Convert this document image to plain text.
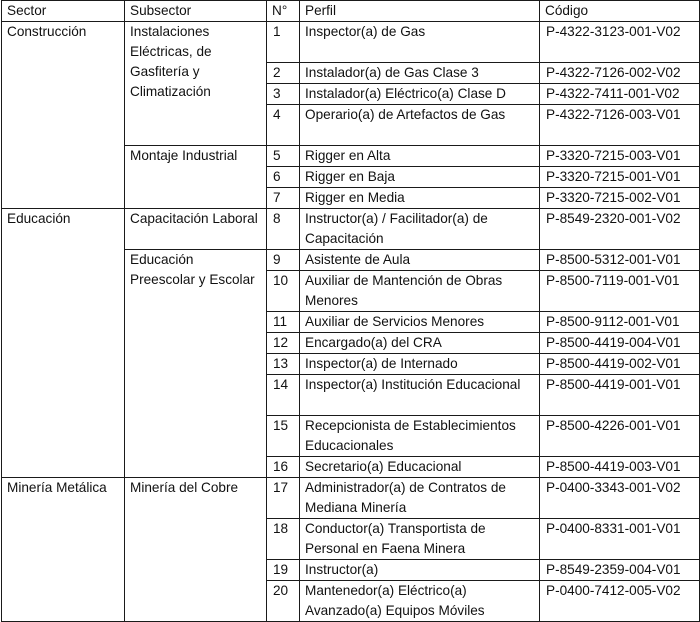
Sector	Subsector	N°	Perfil	Código
Construcción	Instalaciones Eléctricas, de Gasfitería y Climatización	1	Inspector(a) de Gas	P-4322-3123-001-V02
		2	Instalador(a) de Gas Clase 3	P-4322-7126-002-V02
		3	Instalador(a) Eléctrico(a) Clase D	P-4322-7411-001-V02
		4	Operario(a) de Artefactos de Gas	P-4322-7126-003-V01
	Montaje Industrial	5	Rigger en Alta	P-3320-7215-003-V01
		6	Rigger en Baja	P-3320-7215-001-V01
		7	Rigger en Media	P-3320-7215-002-V01
Educación	Capacitación Laboral	8	Instructor(a) / Facilitador(a) de Capacitación	P-8549-2320-001-V02
	Educación Preescolar y Escolar	9	Asistente de Aula	P-8500-5312-001-V01
		10	Auxiliar de Mantención de Obras Menores	P-8500-7119-001-V01
		11	Auxiliar de Servicios Menores	P-8500-9112-001-V01
		12	Encargado(a) del CRA	P-8500-4419-004-V01
		13	Inspector(a) de Internado	P-8500-4419-002-V01
		14	Inspector(a) Institución Educacional	P-8500-4419-001-V01
		15	Recepcionista de Establecimientos Educacionales	P-8500-4226-001-V01
		16	Secretario(a) Educacional	P-8500-4419-003-V01
Minería Metálica	Minería del Cobre	17	Administrador(a) de Contratos de Mediana Minería	P-0400-3343-001-V02
		18	Conductor(a) Transportista de Personal en Faena Minera	P-0400-8331-001-V01
		19	Instructor(a)	P-8549-2359-004-V01
		20	Mantenedor(a) Eléctrico(a) Avanzado(a) Equipos Móviles	P-0400-7412-005-V02
